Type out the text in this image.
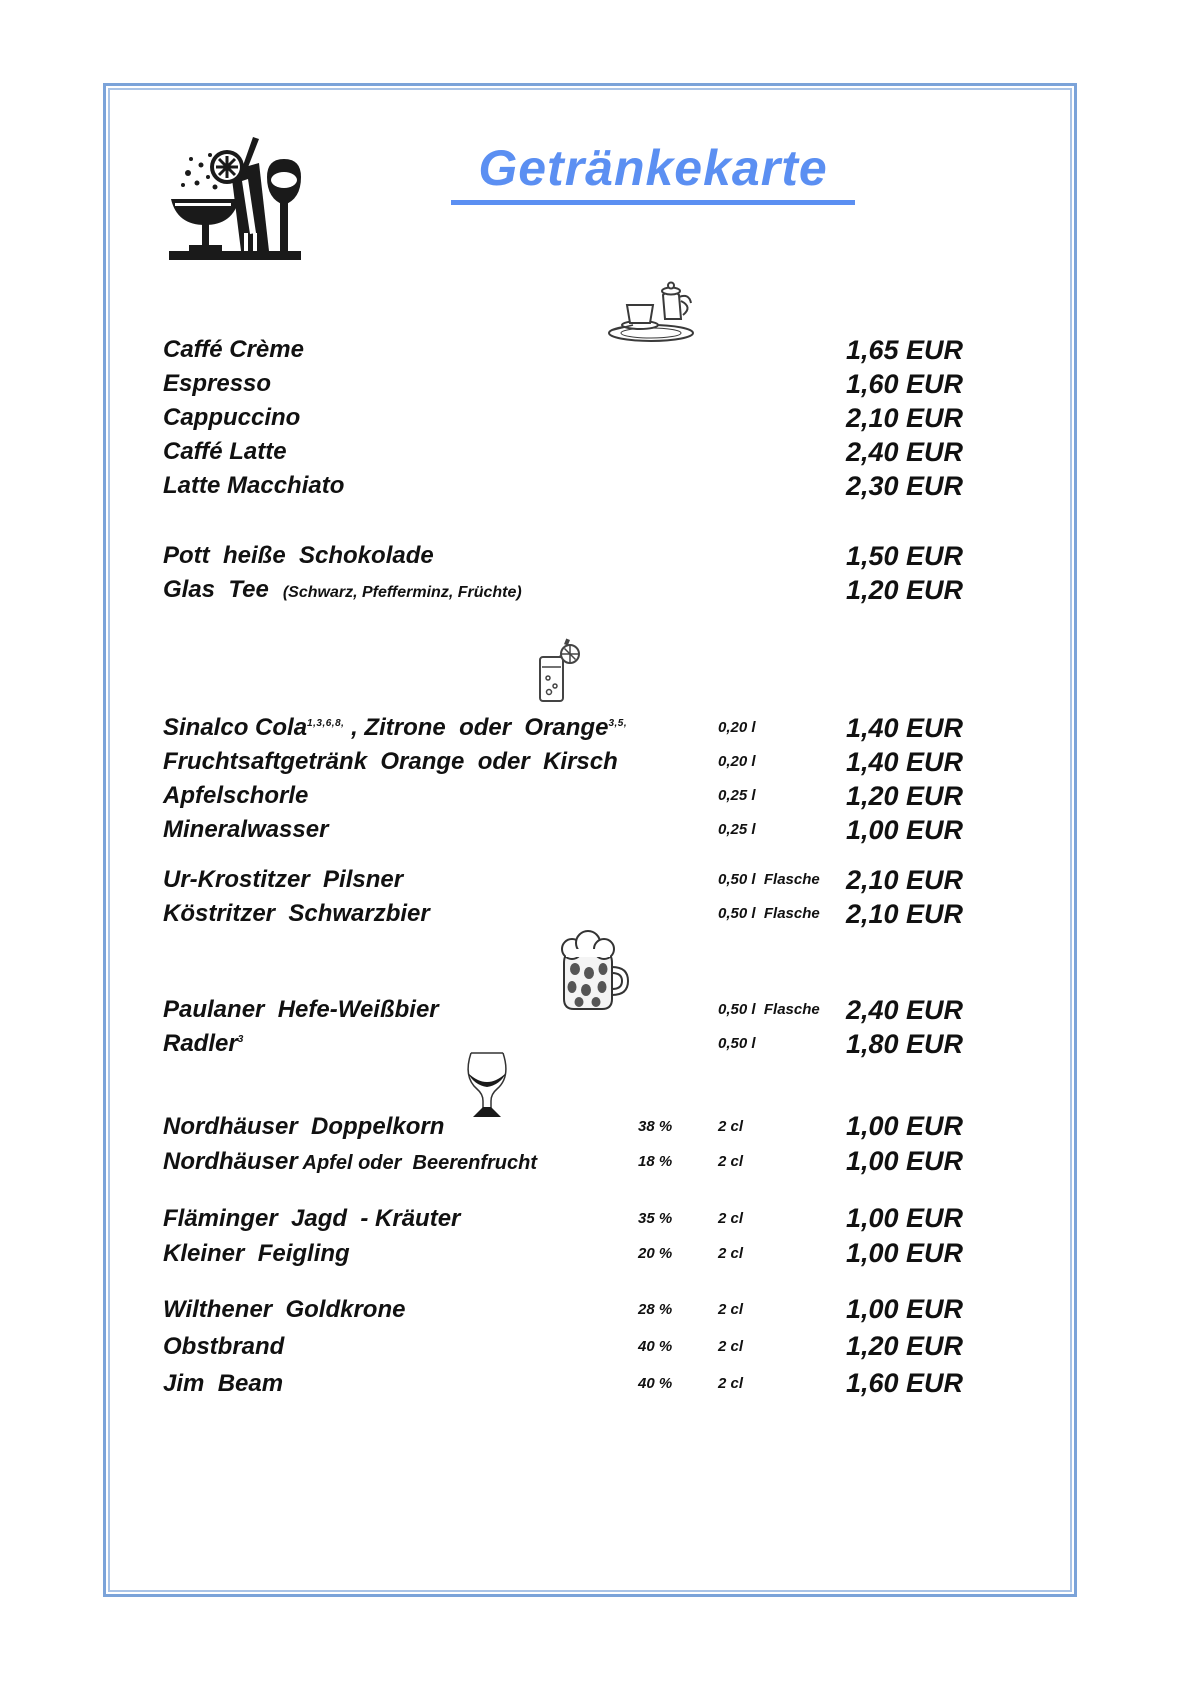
Getränkekarte
Caffé Crème	1,65 EUR
Espresso	1,60 EUR
Cappuccino	2,10 EUR
Caffé Latte	2,40 EUR
Latte Macchiato	2,30 EUR
Pott  heiße  Schokolade	1,50 EUR
Glas  Tee (Schwarz, Pfefferminz, Früchte)	1,20 EUR
Sinalco Cola$^{1,3,6,8,}$ , Zitrone  oder  Orange$^{3,5,}$	0,20 l	1,40 EUR
Fruchtsaftgetränk  Orange  oder  Kirsch	0,20 l	1,40 EUR
Apfelschorle	0,25 l	1,20 EUR
Mineralwasser	0,25 l	1,00 EUR
Ur-Krostitzer  Pilsner	0,50 l  Flasche 2,10 EUR
Köstritzer  Schwarzbier	0,50 l  Flasche 2,10 EUR
Paulaner  Hefe-Weißbier	0,50 l  Flasche 2,40 EUR
Radler$^3$	0,50 l	1,80 EUR
Nordhäuser  Doppelkorn	38 %	2 cl	1,00 EUR
Nordhäuser Apfel oder  Beerenfrucht	18 %	2 cl	1,00 EUR
Fläminger  Jagd  - Kräuter	35 %	2 cl	1,00 EUR
Kleiner  Feigling	20 %	2 cl	1,00 EUR
Wilthener  Goldkrone	28 %	2 cl	1,00 EUR
Obstbrand	40 %	2 cl	1,20 EUR
Jim  Beam	40 %	2 cl	1,60 EUR
